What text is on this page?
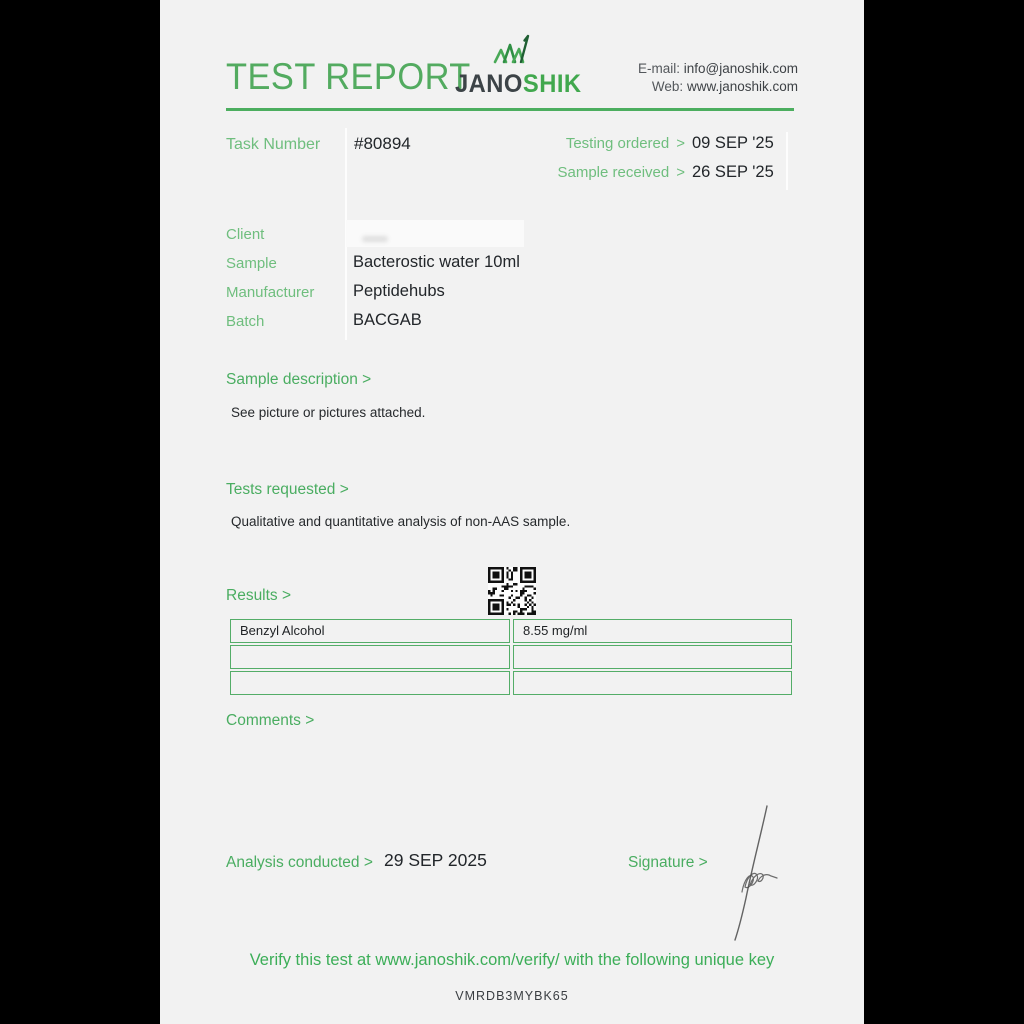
TEST REPORT
JANOSHIK
E-mail: info@janoshik.com
Web: www.janoshik.com
Task Number #80894	Testing ordered > 09 SEP '25
Sample received > 26 SEP '25
Client
Sample	Bacterostic water 10ml
Manufacturer Peptidehubs
Batch	BACGAB
Sample description >
See picture or pictures attached.
Tests requested >
Qualitative and quantitative analysis of non-AAS sample.
Results >
Benzyl Alcohol	8.55 mg/ml
Comments >
Analysis conducted > 29 SEP 2025	Signature >
Verify this test at www.janoshik.com/verify/ with the following unique key
VMRDB3MYBK65
